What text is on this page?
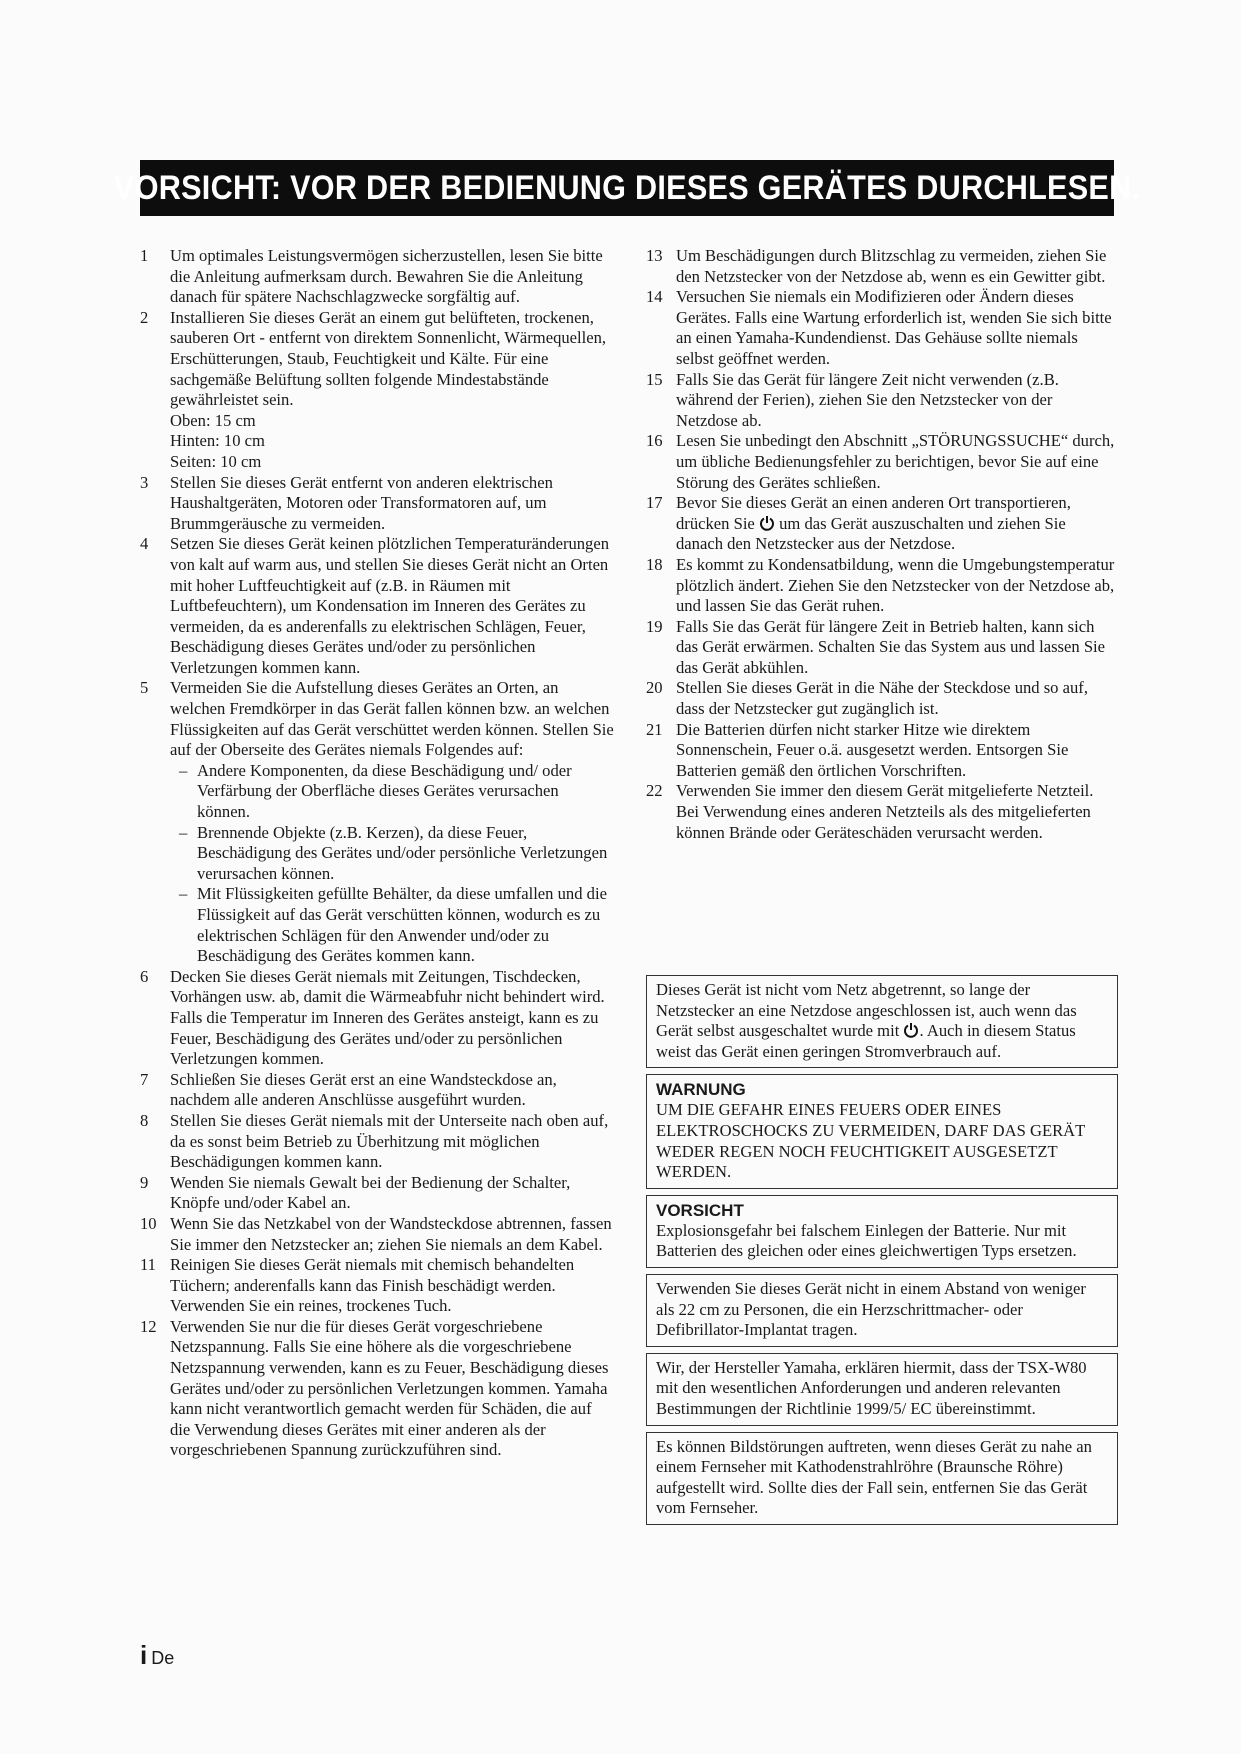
VORSICHT: VOR DER BEDIENUNG DIESES GERÄTES DURCHLESEN.
1 Um optimales Leistungsvermögen sicherzustellen, lesen Sie bitte die Anleitung aufmerksam durch. Bewahren Sie die Anleitung danach für spätere Nachschlagzwecke sorgfältig auf.
2 Installieren Sie dieses Gerät an einem gut belüfteten, trockenen, sauberen Ort - entfernt von direktem Sonnenlicht, Wärmequellen, Erschütterungen, Staub, Feuchtigkeit und Kälte. Für eine sachgemäße Belüftung sollten folgende Mindestabstände gewährleistet sein.
Oben: 15 cm
Hinten: 10 cm
Seiten: 10 cm
3 Stellen Sie dieses Gerät entfernt von anderen elektrischen Haushaltgeräten, Motoren oder Transformatoren auf, um Brummgeräusche zu vermeiden.
4 Setzen Sie dieses Gerät keinen plötzlichen Temperaturänderungen von kalt auf warm aus, und stellen Sie dieses Gerät nicht an Orten mit hoher Luftfeuchtigkeit auf (z.B. in Räumen mit Luftbefeuchtern), um Kondensation im Inneren des Gerätes zu vermeiden, da es anderenfalls zu elektrischen Schlägen, Feuer, Beschädigung dieses Gerätes und/oder zu persönlichen Verletzungen kommen kann.
5 Vermeiden Sie die Aufstellung dieses Gerätes an Orten, an welchen Fremdkörper in das Gerät fallen können bzw. an welchen Flüssigkeiten auf das Gerät verschüttet werden können. Stellen Sie auf der Oberseite des Gerätes niemals Folgendes auf:
– Andere Komponenten, da diese Beschädigung und/ oder Verfärbung der Oberfläche dieses Gerätes verursachen können.
– Brennende Objekte (z.B. Kerzen), da diese Feuer, Beschädigung des Gerätes und/oder persönliche Verletzungen verursachen können.
– Mit Flüssigkeiten gefüllte Behälter, da diese umfallen und die Flüssigkeit auf das Gerät verschütten können, wodurch es zu elektrischen Schlägen für den Anwender und/oder zu Beschädigung des Gerätes kommen kann.
6 Decken Sie dieses Gerät niemals mit Zeitungen, Tischdecken, Vorhängen usw. ab, damit die Wärmeabfuhr nicht behindert wird. Falls die Temperatur im Inneren des Gerätes ansteigt, kann es zu Feuer, Beschädigung des Gerätes und/oder zu persönlichen Verletzungen kommen.
7 Schließen Sie dieses Gerät erst an eine Wandsteckdose an, nachdem alle anderen Anschlüsse ausgeführt wurden.
8 Stellen Sie dieses Gerät niemals mit der Unterseite nach oben auf, da es sonst beim Betrieb zu Überhitzung mit möglichen Beschädigungen kommen kann.
9 Wenden Sie niemals Gewalt bei der Bedienung der Schalter, Knöpfe und/oder Kabel an.
10 Wenn Sie das Netzkabel von der Wandsteckdose abtrennen, fassen Sie immer den Netzstecker an; ziehen Sie niemals an dem Kabel.
11 Reinigen Sie dieses Gerät niemals mit chemisch behandelten Tüchern; anderenfalls kann das Finish beschädigt werden. Verwenden Sie ein reines, trockenes Tuch.
12 Verwenden Sie nur die für dieses Gerät vorgeschriebene Netzspannung. Falls Sie eine höhere als die vorgeschriebene Netzspannung verwenden, kann es zu Feuer, Beschädigung dieses Gerätes und/oder zu persönlichen Verletzungen kommen. Yamaha kann nicht verantwortlich gemacht werden für Schäden, die auf die Verwendung dieses Gerätes mit einer anderen als der vorgeschriebenen Spannung zurückzuführen sind.
13 Um Beschädigungen durch Blitzschlag zu vermeiden, ziehen Sie den Netzstecker von der Netzdose ab, wenn es ein Gewitter gibt.
14 Versuchen Sie niemals ein Modifizieren oder Ändern dieses Gerätes. Falls eine Wartung erforderlich ist, wenden Sie sich bitte an einen Yamaha-Kundendienst. Das Gehäuse sollte niemals selbst geöffnet werden.
15 Falls Sie das Gerät für längere Zeit nicht verwenden (z.B. während der Ferien), ziehen Sie den Netzstecker von der Netzdose ab.
16 Lesen Sie unbedingt den Abschnitt „STÖRUNGSSUCHE“ durch, um übliche Bedienungsfehler zu berichtigen, bevor Sie auf eine Störung des Gerätes schließen.
17 Bevor Sie dieses Gerät an einen anderen Ort transportieren, drücken Sie um das Gerät auszuschalten und ziehen Sie danach den Netzstecker aus der Netzdose.
18 Es kommt zu Kondensatbildung, wenn die Umgebungstemperatur plötzlich ändert. Ziehen Sie den Netzstecker von der Netzdose ab, und lassen Sie das Gerät ruhen.
19 Falls Sie das Gerät für längere Zeit in Betrieb halten, kann sich das Gerät erwärmen. Schalten Sie das System aus und lassen Sie das Gerät abkühlen.
20 Stellen Sie dieses Gerät in die Nähe der Steckdose und so auf, dass der Netzstecker gut zugänglich ist.
21 Die Batterien dürfen nicht starker Hitze wie direktem Sonnenschein, Feuer o.ä. ausgesetzt werden. Entsorgen Sie Batterien gemäß den örtlichen Vorschriften.
22 Verwenden Sie immer den diesem Gerät mitgelieferte Netzteil. Bei Verwendung eines anderen Netzteils als des mitgelieferten können Brände oder Geräteschäden verursacht werden.
Dieses Gerät ist nicht vom Netz abgetrennt, so lange der Netzstecker an eine Netzdose angeschlossen ist, auch wenn das Gerät selbst ausgeschaltet wurde mit . Auch in diesem Status weist das Gerät einen geringen Stromverbrauch auf.
WARNUNG
UM DIE GEFAHR EINES FEUERS ODER EINES ELEKTROSCHOCKS ZU VERMEIDEN, DARF DAS GERÄT WEDER REGEN NOCH FEUCHTIGKEIT AUSGESETZT WERDEN.
VORSICHT
Explosionsgefahr bei falschem Einlegen der Batterie. Nur mit Batterien des gleichen oder eines gleichwertigen Typs ersetzen.
Verwenden Sie dieses Gerät nicht in einem Abstand von weniger als 22 cm zu Personen, die ein Herzschrittmacher- oder Defibrillator-Implantat tragen.
Wir, der Hersteller Yamaha, erklären hiermit, dass der TSX-W80 mit den wesentlichen Anforderungen und anderen relevanten Bestimmungen der Richtlinie 1999/5/ EC übereinstimmt.
Es können Bildstörungen auftreten, wenn dieses Gerät zu nahe an einem Fernseher mit Kathodenstrahlröhre (Braunsche Röhre) aufgestellt wird. Sollte dies der Fall sein, entfernen Sie das Gerät vom Fernseher.
i De
